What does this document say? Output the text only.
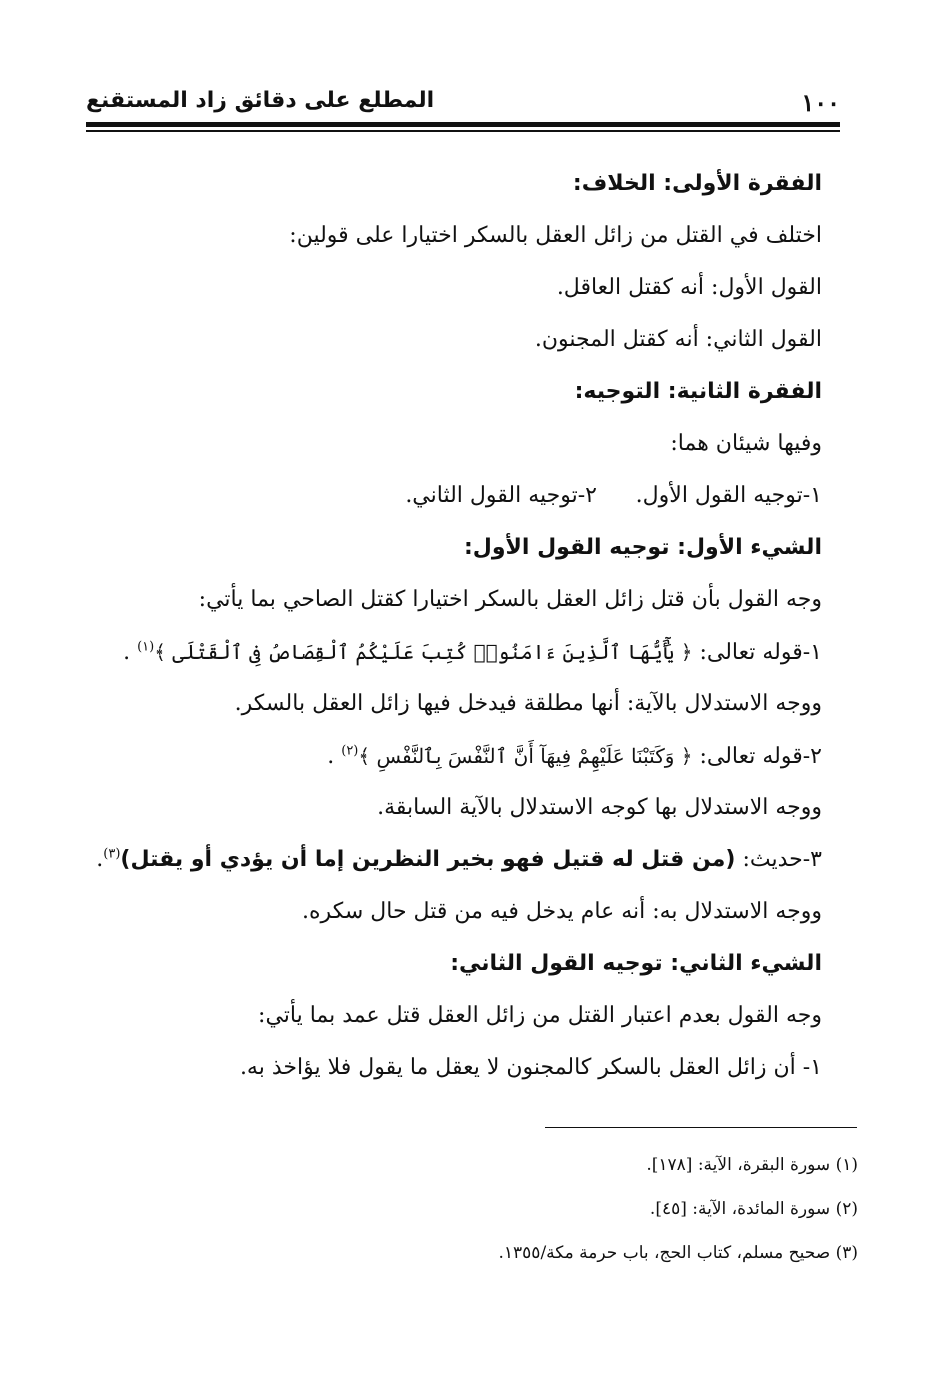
١٠٠
المطلع على دقائق زاد المستقنع
الفقرة الأولى: الخلاف:
اختلف في القتل من زائل العقل بالسكر اختيارا على قولين:
القول الأول: أنه كقتل العاقل.
القول الثاني: أنه كقتل المجنون.
الفقرة الثانية: التوجيه:
وفيها شيئان هما:
١-توجيه القول الأول.
٢-توجيه القول الثاني.
الشيء الأول: توجيه القول الأول:
وجه القول بأن قتل زائل العقل بالسكر اختيارا كقتل الصاحي بما يأتي:
١-قوله تعالى: ﴿ يَٰٓأَيُّهَا ٱلَّذِينَ ءَامَنُوا۟ كُتِبَ عَلَيْكُمُ ٱلْقِصَاصُ فِى ٱلْقَتْلَى ﴾$^{(١)}$ .
ووجه الاستدلال بالآية: أنها مطلقة فيدخل فيها زائل العقل بالسكر.
٢-قوله تعالى: ﴿ وَكَتَبْنَا عَلَيْهِمْ فِيهَآ أَنَّ ٱلنَّفْسَ بِٱلنَّفْسِ ﴾$^{(٢)}$ .
ووجه الاستدلال بها كوجه الاستدلال بالآية السابقة.
٣-حديث: (من قتل له قتيل فهو بخير النظرين إما أن يؤدي أو يقتل)$^{(٣)}$.
ووجه الاستدلال به: أنه عام يدخل فيه من قتل حال سكره.
الشيء الثاني: توجيه القول الثاني:
وجه القول بعدم اعتبار القتل من زائل العقل قتل عمد بما يأتي:
١- أن زائل العقل بالسكر كالمجنون لا يعقل ما يقول فلا يؤاخذ به.
(١) سورة البقرة، الآية: [١٧٨].
(٢) سورة المائدة، الآية: [٤٥].
(٣) صحيح مسلم، كتاب الحج، باب حرمة مكة/١٣٥٥.
